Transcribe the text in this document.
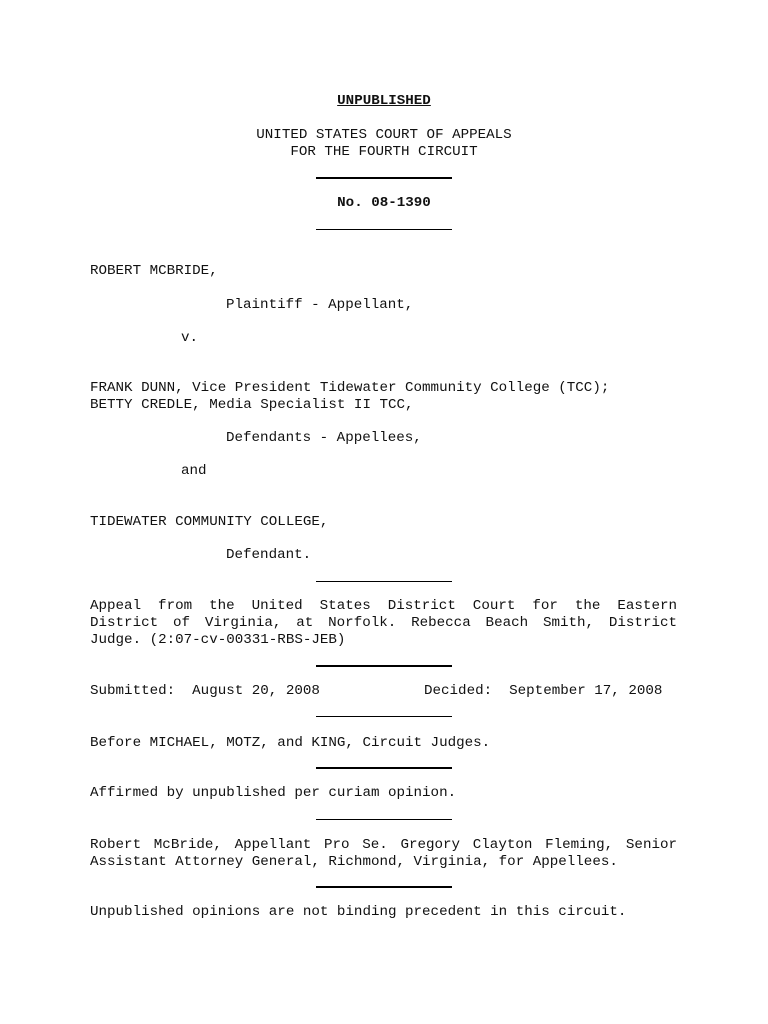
UNPUBLISHED
UNITED STATES COURT OF APPEALS
FOR THE FOURTH CIRCUIT
No. 08-1390
ROBERT MCBRIDE,
Plaintiff - Appellant,
v.
FRANK DUNN, Vice President Tidewater Community College (TCC);
BETTY CREDLE, Media Specialist II TCC,
Defendants - Appellees,
and
TIDEWATER COMMUNITY COLLEGE,
Defendant.
Appeal from the United States District Court for the Eastern District of Virginia, at Norfolk. Rebecca Beach Smith, District Judge. (2:07-cv-00331-RBS-JEB)
Submitted:  August 20, 2008	Decided:  September 17, 2008
Before MICHAEL, MOTZ, and KING, Circuit Judges.
Affirmed by unpublished per curiam opinion.
Robert McBride, Appellant Pro Se. Gregory Clayton Fleming, Senior Assistant Attorney General, Richmond, Virginia, for Appellees.
Unpublished opinions are not binding precedent in this circuit.
